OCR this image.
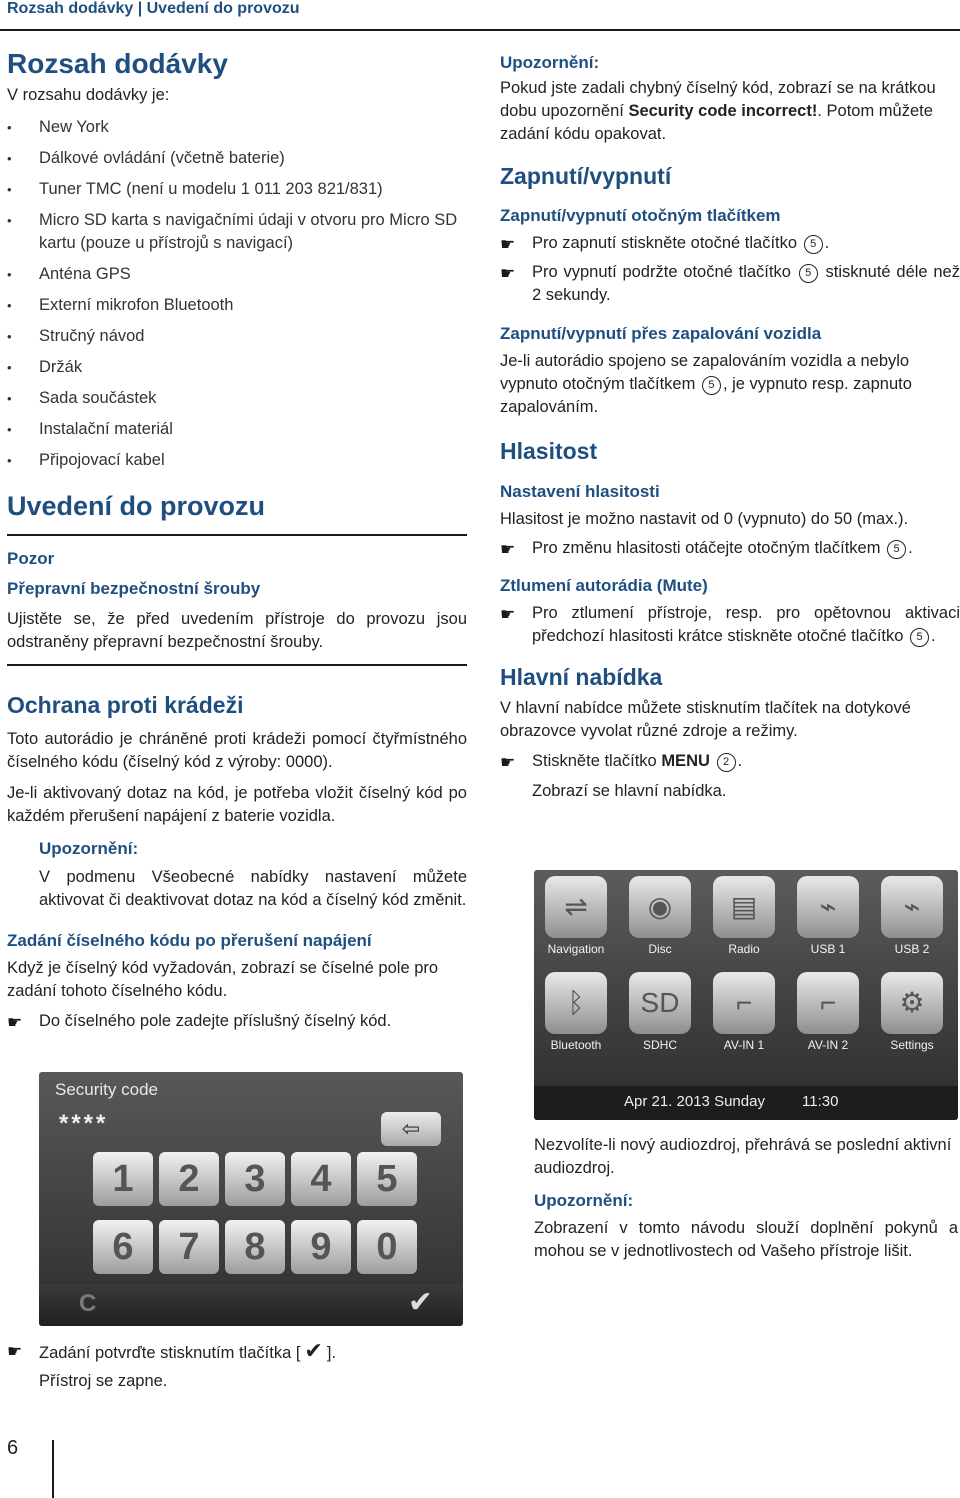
Rozsah dodávky | Uvedení do provozu

Rozsah dodávky

V rozsahu dodávky je:

• New York
• Dálkové ovládání (včetně baterie)
• Tuner TMC (není u modelu 1 011 203 821/831)
• Micro SD karta s navigačními údaji v otvoru pro Micro SD kartu (pouze u přístrojů s navigací)
• Anténa GPS
• Externí mikrofon Bluetooth
• Stručný návod
• Držák
• Sada součástek
• Instalační materiál
• Připojovací kabel

Uvedení do provozu

Pozor

Přepravní bezpečnostní šrouby

Ujistěte se, že před uvedením přístroje do provozu jsou odstraněny přepravní bezpečnostní šrouby.

Ochrana proti krádeži

Toto autorádio je chráněné proti krádeži pomocí čtyřmístného číselného kódu (číselný kód z výroby: 0000).

Je-li aktivovaný dotaz na kód, je potřeba vložit číselný kód po každém přerušení napájení z baterie vozidla.

Upozornění:

V podmenu Všeobecné nabídky nastavení můžete aktivovat či deaktivovat dotaz na kód a číselný kód změnit.

Zadání číselného kódu po přerušení napájení

Když je číselný kód vyžadován, zobrazí se číselné pole pro zadání tohoto číselného kódu.

☛ Do číselného pole zadejte příslušný číselný kód.
Security code
****	⇦
1	2	3	4	5
6	7	8	9	0
C	✔
☛ Zadání potvrďte stisknutím tlačítka [ ✔ ].

Přístroj se zapne.

Upozornění:

Pokud jste zadali chybný číselný kód, zobrazí se na krátkou dobu upozornění Security code incorrect!. Potom můžete zadání kódu opakovat.

Zapnutí/vypnutí

Zapnutí/vypnutí otočným tlačítkem

☛ Pro zapnutí stiskněte otočné tlačítko 5 .
☛ Pro vypnutí podržte otočné tlačítko 5 stisknuté déle než 2 sekundy.

Zapnutí/vypnutí přes zapalování vozidla

Je-li autorádio spojeno se zapalováním vozidla a nebylo vypnuto otočným tlačítkem 5 , je vypnuto resp. zapnuto zapalováním.

Hlasitost

Nastavení hlasitosti

Hlasitost je možno nastavit od 0 (vypnuto) do 50 (max.).

☛ Pro změnu hlasitosti otáčejte otočným tlačítkem 5 .

Ztlumení autorádia (Mute)

☛ Pro ztlumení přístroje, resp. pro opětovnou aktivaci předchozí hlasitosti krátce stiskněte otočné tlačítko 5 .

Hlavní nabídka

V hlavní nabídce můžete stisknutím tlačítek na dotykové obrazovce vyvolat různé zdroje a režimy.

☛ Stiskněte tlačítko MENU 2 .

Zobrazí se hlavní nabídka.

⇌
Navigation
◉
Disc
▤
Radio
⌁
USB 1
⌁
USB 2
ᛒ
Bluetooth
SD
SDHC
⌐
AV-IN 1
⌐
AV-IN 2
⚙
Settings
Apr 21. 2013 Sunday 11:30

Nezvolíte-li nový audiozdroj, přehrává se poslední aktivní audiozdroj.

Upozornění:

Zobrazení v tomto návodu slouží doplnění pokynů a mohou se v jednotlivostech od Vašeho přístroje lišit.

6
